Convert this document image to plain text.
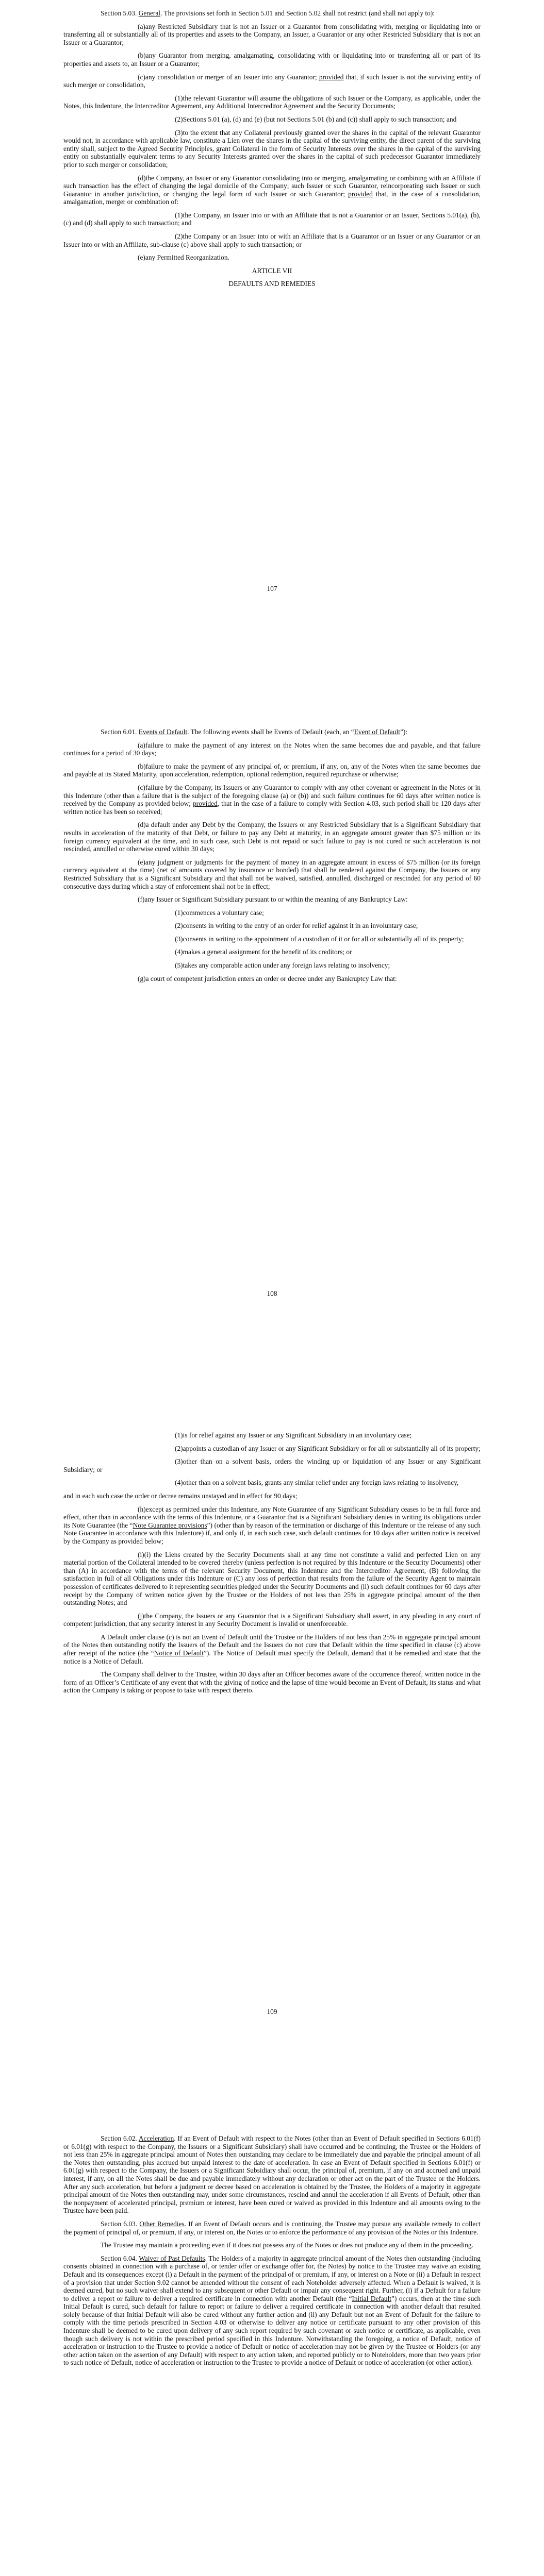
Section 5.03. General. The provisions set forth in Section 5.01 and Section 5.02 shall not restrict (and shall not apply to):

(a)any Restricted Subsidiary that is not an Issuer or a Guarantor from consolidating with, merging or liquidating into or transferring all or substantially all of its properties and assets to the Company, an Issuer, a Guarantor or any other Restricted Subsidiary that is not an Issuer or a Guarantor;

(b)any Guarantor from merging, amalgamating, consolidating with or liquidating into or transferring all or part of its properties and assets to, an Issuer or a Guarantor;

(c)any consolidation or merger of an Issuer into any Guarantor; provided that, if such Issuer is not the surviving entity of such merger or consolidation,

(1)the relevant Guarantor will assume the obligations of such Issuer or the Company, as applicable, under the Notes, this Indenture, the Intercreditor Agreement, any Additional Intercreditor Agreement and the Security Documents;

(2)Sections 5.01 (a), (d) and (e) (but not Sections 5.01 (b) and (c)) shall apply to such transaction; and

(3)to the extent that any Collateral previously granted over the shares in the capital of the relevant Guarantor would not, in accordance with applicable law, constitute a Lien over the shares in the capital of the surviving entity, the direct parent of the surviving entity shall, subject to the Agreed Security Principles, grant Collateral in the form of Security Interests over the shares in the capital of the surviving entity on substantially equivalent terms to any Security Interests granted over the shares in the capital of such predecessor Guarantor immediately prior to such merger or consolidation;

(d)the Company, an Issuer or any Guarantor consolidating into or merging, amalgamating or combining with an Affiliate if such transaction has the effect of changing the legal domicile of the Company; such Issuer or such Guarantor, reincorporating such Issuer or such Guarantor in another jurisdiction, or changing the legal form of such Issuer or such Guarantor; provided that, in the case of a consolidation, amalgamation, merger or combination of:

(1)the Company, an Issuer into or with an Affiliate that is not a Guarantor or an Issuer, Sections 5.01(a), (b), (c) and (d) shall apply to such transaction; and

(2)the Company or an Issuer into or with an Affiliate that is a Guarantor or an Issuer or any Guarantor or an Issuer into or with an Affiliate, sub-clause (c) above shall apply to such transaction; or

(e)any Permitted Reorganization.

ARTICLE VII

DEFAULTS AND REMEDIES

107

Section 6.01. Events of Default. The following events shall be Events of Default (each, an “Event of Default”):

(a)failure to make the payment of any interest on the Notes when the same becomes due and payable, and that failure continues for a period of 30 days;

(b)failure to make the payment of any principal of, or premium, if any, on, any of the Notes when the same becomes due and payable at its Stated Maturity, upon acceleration, redemption, optional redemption, required repurchase or otherwise;

(c)failure by the Company, its Issuers or any Guarantor to comply with any other covenant or agreement in the Notes or in this Indenture (other than a failure that is the subject of the foregoing clause (a) or (b)) and such failure continues for 60 days after written notice is received by the Company as provided below; provided, that in the case of a failure to comply with Section 4.03, such period shall be 120 days after written notice has been so received;

(d)a default under any Debt by the Company, the Issuers or any Restricted Subsidiary that is a Significant Subsidiary that results in acceleration of the maturity of that Debt, or failure to pay any Debt at maturity, in an aggregate amount greater than $75 million or its foreign currency equivalent at the time, and in such case, such Debt is not repaid or such failure to pay is not cured or such acceleration is not rescinded, annulled or otherwise cured within 30 days;

(e)any judgment or judgments for the payment of money in an aggregate amount in excess of $75 million (or its foreign currency equivalent at the time) (net of amounts covered by insurance or bonded) that shall be rendered against the Company, the Issuers or any Restricted Subsidiary that is a Significant Subsidiary and that shall not be waived, satisfied, annulled, discharged or rescinded for any period of 60 consecutive days during which a stay of enforcement shall not be in effect;

(f)any Issuer or Significant Subsidiary pursuant to or within the meaning of any Bankruptcy Law:

(1)commences a voluntary case;

(2)consents in writing to the entry of an order for relief against it in an involuntary case;

(3)consents in writing to the appointment of a custodian of it or for all or substantially all of its property;

(4)makes a general assignment for the benefit of its creditors; or

(5)takes any comparable action under any foreign laws relating to insolvency;

(g)a court of competent jurisdiction enters an order or decree under any Bankruptcy Law that:

108

(1)is for relief against any Issuer or any Significant Subsidiary in an involuntary case;

(2)appoints a custodian of any Issuer or any Significant Subsidiary or for all or substantially all of its property;

(3)other than on a solvent basis, orders the winding up or liquidation of any Issuer or any Significant Subsidiary; or

(4)other than on a solvent basis, grants any similar relief under any foreign laws relating to insolvency,

and in each such case the order or decree remains unstayed and in effect for 90 days;

(h)except as permitted under this Indenture, any Note Guarantee of any Significant Subsidiary ceases to be in full force and effect, other than in accordance with the terms of this Indenture, or a Guarantor that is a Significant Subsidiary denies in writing its obligations under its Note Guarantee (the “Note Guarantee provisions”) (other than by reason of the termination or discharge of this Indenture or the release of any such Note Guarantee in accordance with this Indenture) if, and only if, in each such case, such default continues for 10 days after written notice is received by the Company as provided below;

(i)(i) the Liens created by the Security Documents shall at any time not constitute a valid and perfected Lien on any material portion of the Collateral intended to be covered thereby (unless perfection is not required by this Indenture or the Security Documents) other than (A) in accordance with the terms of the relevant Security Document, this Indenture and the Intercreditor Agreement, (B) following the satisfaction in full of all Obligations under this Indenture or (C) any loss of perfection that results from the failure of the Security Agent to maintain possession of certificates delivered to it representing securities pledged under the Security Documents and (ii) such default continues for 60 days after receipt by the Company of written notice given by the Trustee or the Holders of not less than 25% in aggregate principal amount of the then outstanding Notes; and

(j)the Company, the Issuers or any Guarantor that is a Significant Subsidiary shall assert, in any pleading in any court of competent jurisdiction, that any security interest in any Security Document is invalid or unenforceable.

A Default under clause (c) is not an Event of Default until the Trustee or the Holders of not less than 25% in aggregate principal amount of the Notes then outstanding notify the Issuers of the Default and the Issuers do not cure that Default within the time specified in clause (c) above after receipt of the notice (the “Notice of Default”). The Notice of Default must specify the Default, demand that it be remedied and state that the notice is a Notice of Default.

The Company shall deliver to the Trustee, within 30 days after an Officer becomes aware of the occurrence thereof, written notice in the form of an Officer’s Certificate of any event that with the giving of notice and the lapse of time would become an Event of Default, its status and what action the Company is taking or propose to take with respect thereto.

109

Section 6.02. Acceleration. If an Event of Default with respect to the Notes (other than an Event of Default specified in Sections 6.01(f) or 6.01(g) with respect to the Company, the Issuers or a Significant Subsidiary) shall have occurred and be continuing, the Trustee or the Holders of not less than 25% in aggregate principal amount of Notes then outstanding may declare to be immediately due and payable the principal amount of all the Notes then outstanding, plus accrued but unpaid interest to the date of acceleration. In case an Event of Default specified in Sections 6.01(f) or 6.01(g) with respect to the Company, the Issuers or a Significant Subsidiary shall occur, the principal of, premium, if any on and accrued and unpaid interest, if any, on all the Notes shall be due and payable immediately without any declaration or other act on the part of the Trustee or the Holders. After any such acceleration, but before a judgment or decree based on acceleration is obtained by the Trustee, the Holders of a majority in aggregate principal amount of the Notes then outstanding may, under some circumstances, rescind and annul the acceleration if all Events of Default, other than the nonpayment of accelerated principal, premium or interest, have been cured or waived as provided in this Indenture and all amounts owing to the Trustee have been paid.

Section 6.03. Other Remedies. If an Event of Default occurs and is continuing, the Trustee may pursue any available remedy to collect the payment of principal of, or premium, if any, or interest on, the Notes or to enforce the performance of any provision of the Notes or this Indenture.

The Trustee may maintain a proceeding even if it does not possess any of the Notes or does not produce any of them in the proceeding.

Section 6.04. Waiver of Past Defaults. The Holders of a majority in aggregate principal amount of the Notes then outstanding (including consents obtained in connection with a purchase of, or tender offer or exchange offer for, the Notes) by notice to the Trustee may waive an existing Default and its consequences except (i) a Default in the payment of the principal of or premium, if any, or interest on a Note or (ii) a Default in respect of a provision that under Section 9.02 cannot be amended without the consent of each Noteholder adversely affected. When a Default is waived, it is deemed cured, but no such waiver shall extend to any subsequent or other Default or impair any consequent right. Further, (i) if a Default for a failure to deliver a report or failure to deliver a required certificate in connection with another Default (the “Initial Default”) occurs, then at the time such Initial Default is cured, such default for failure to report or failure to deliver a required certificate in connection with another default that resulted solely because of that Initial Default will also be cured without any further action and (ii) any Default but not an Event of Default for the failure to comply with the time periods prescribed in Section 4.03 or otherwise to deliver any notice or certificate pursuant to any other provision of this Indenture shall be deemed to be cured upon delivery of any such report required by such covenant or such notice or certificate, as applicable, even though such delivery is not within the prescribed period specified in this Indenture. Notwithstanding the foregoing, a notice of Default, notice of acceleration or instruction to the Trustee to provide a notice of Default or notice of acceleration may not be given by the Trustee or Holders (or any other action taken on the assertion of any Default) with respect to any action taken, and reported publicly or to Noteholders, more than two years prior to such notice of Default, notice of acceleration or instruction to the Trustee to provide a notice of Default or notice of acceleration (or other action).
